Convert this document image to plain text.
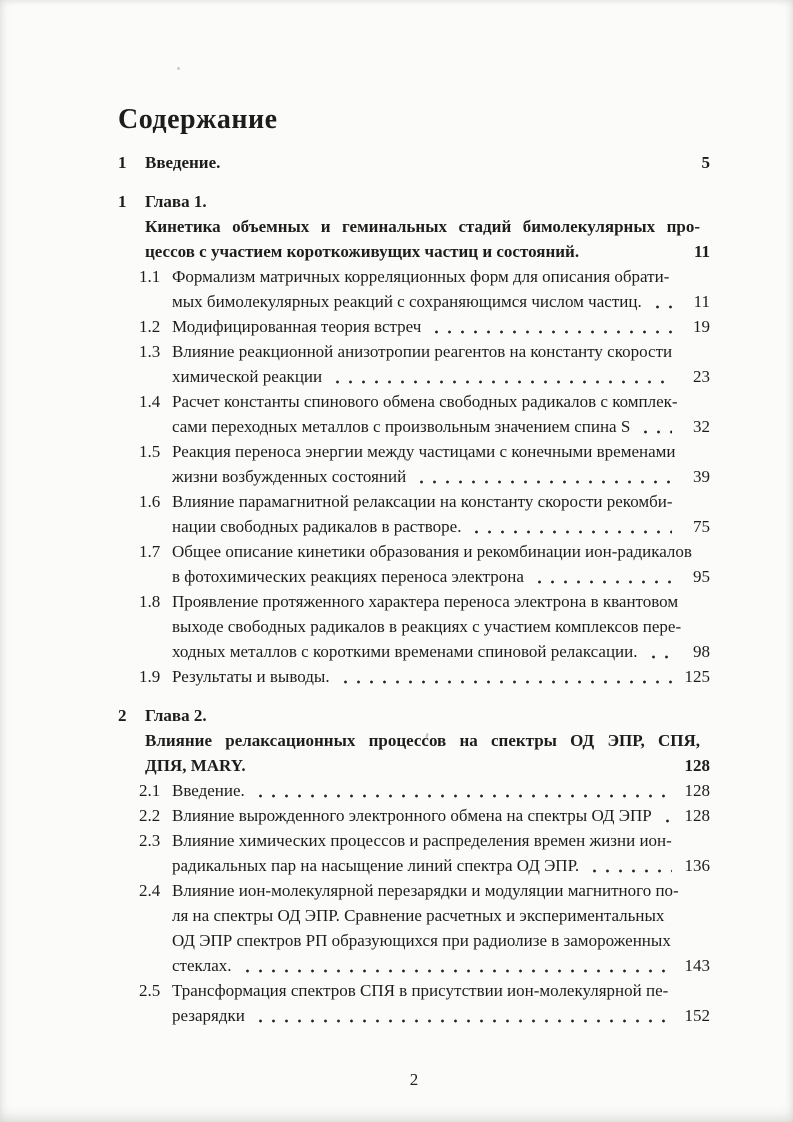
Содержание
1	Введение.	5
1	Глава 1.
Кинетика объемных и геминальных стадий бимолекулярных про-
цессов с участием короткоживущих частиц и состояний.	11
1.1 Формализм матричных корреляционных форм для описания обрати-
мых бимолекулярных реакций с сохраняющимся числом частиц.	11
1.2 Модифицированная теория встреч	19
1.3 Влияние реакционной анизотропии реагентов на константу скорости
химической реакции	23
1.4 Расчет константы спинового обмена свободных радикалов с комплек-
сами переходных металлов с произвольным значением спина S	32
1.5 Реакция переноса энергии между частицами с конечными временами
жизни возбужденных состояний	39
1.6 Влияние парамагнитной релаксации на константу скорости рекомби-
нации свободных радикалов в растворе.	75
1.7 Общее описание кинетики образования и рекомбинации ион-радикалов
в фотохимических реакциях переноса электрона	95
1.8 Проявление протяженного характера переноса электрона в квантовом
выходе свободных радикалов в реакциях с участием комплексов пере-
ходных металлов с короткими временами спиновой релаксации.	98
1.9 Результаты и выводы.	125
2	Глава 2.
Влияние релаксационных процессов на спектры ОД ЭПР, СПЯ,
ДПЯ, MARY.	128
2.1 Введение.	128
2.2 Влияние вырожденного электронного обмена на спектры ОД ЭПР 128
2.3 Влияние химических процессов и распределения времен жизни ион-
радикальных пар на насыщение линий спектра ОД ЭПР.	136
2.4 Влияние ион-молекулярной перезарядки и модуляции магнитного по-
ля на спектры ОД ЭПР. Сравнение расчетных и экспериментальных
ОД ЭПР спектров РП образующихся при радиолизе в замороженных
стеклах.	143
2.5 Трансформация спектров СПЯ в присутствии ион-молекулярной пе-
резарядки	152
2
